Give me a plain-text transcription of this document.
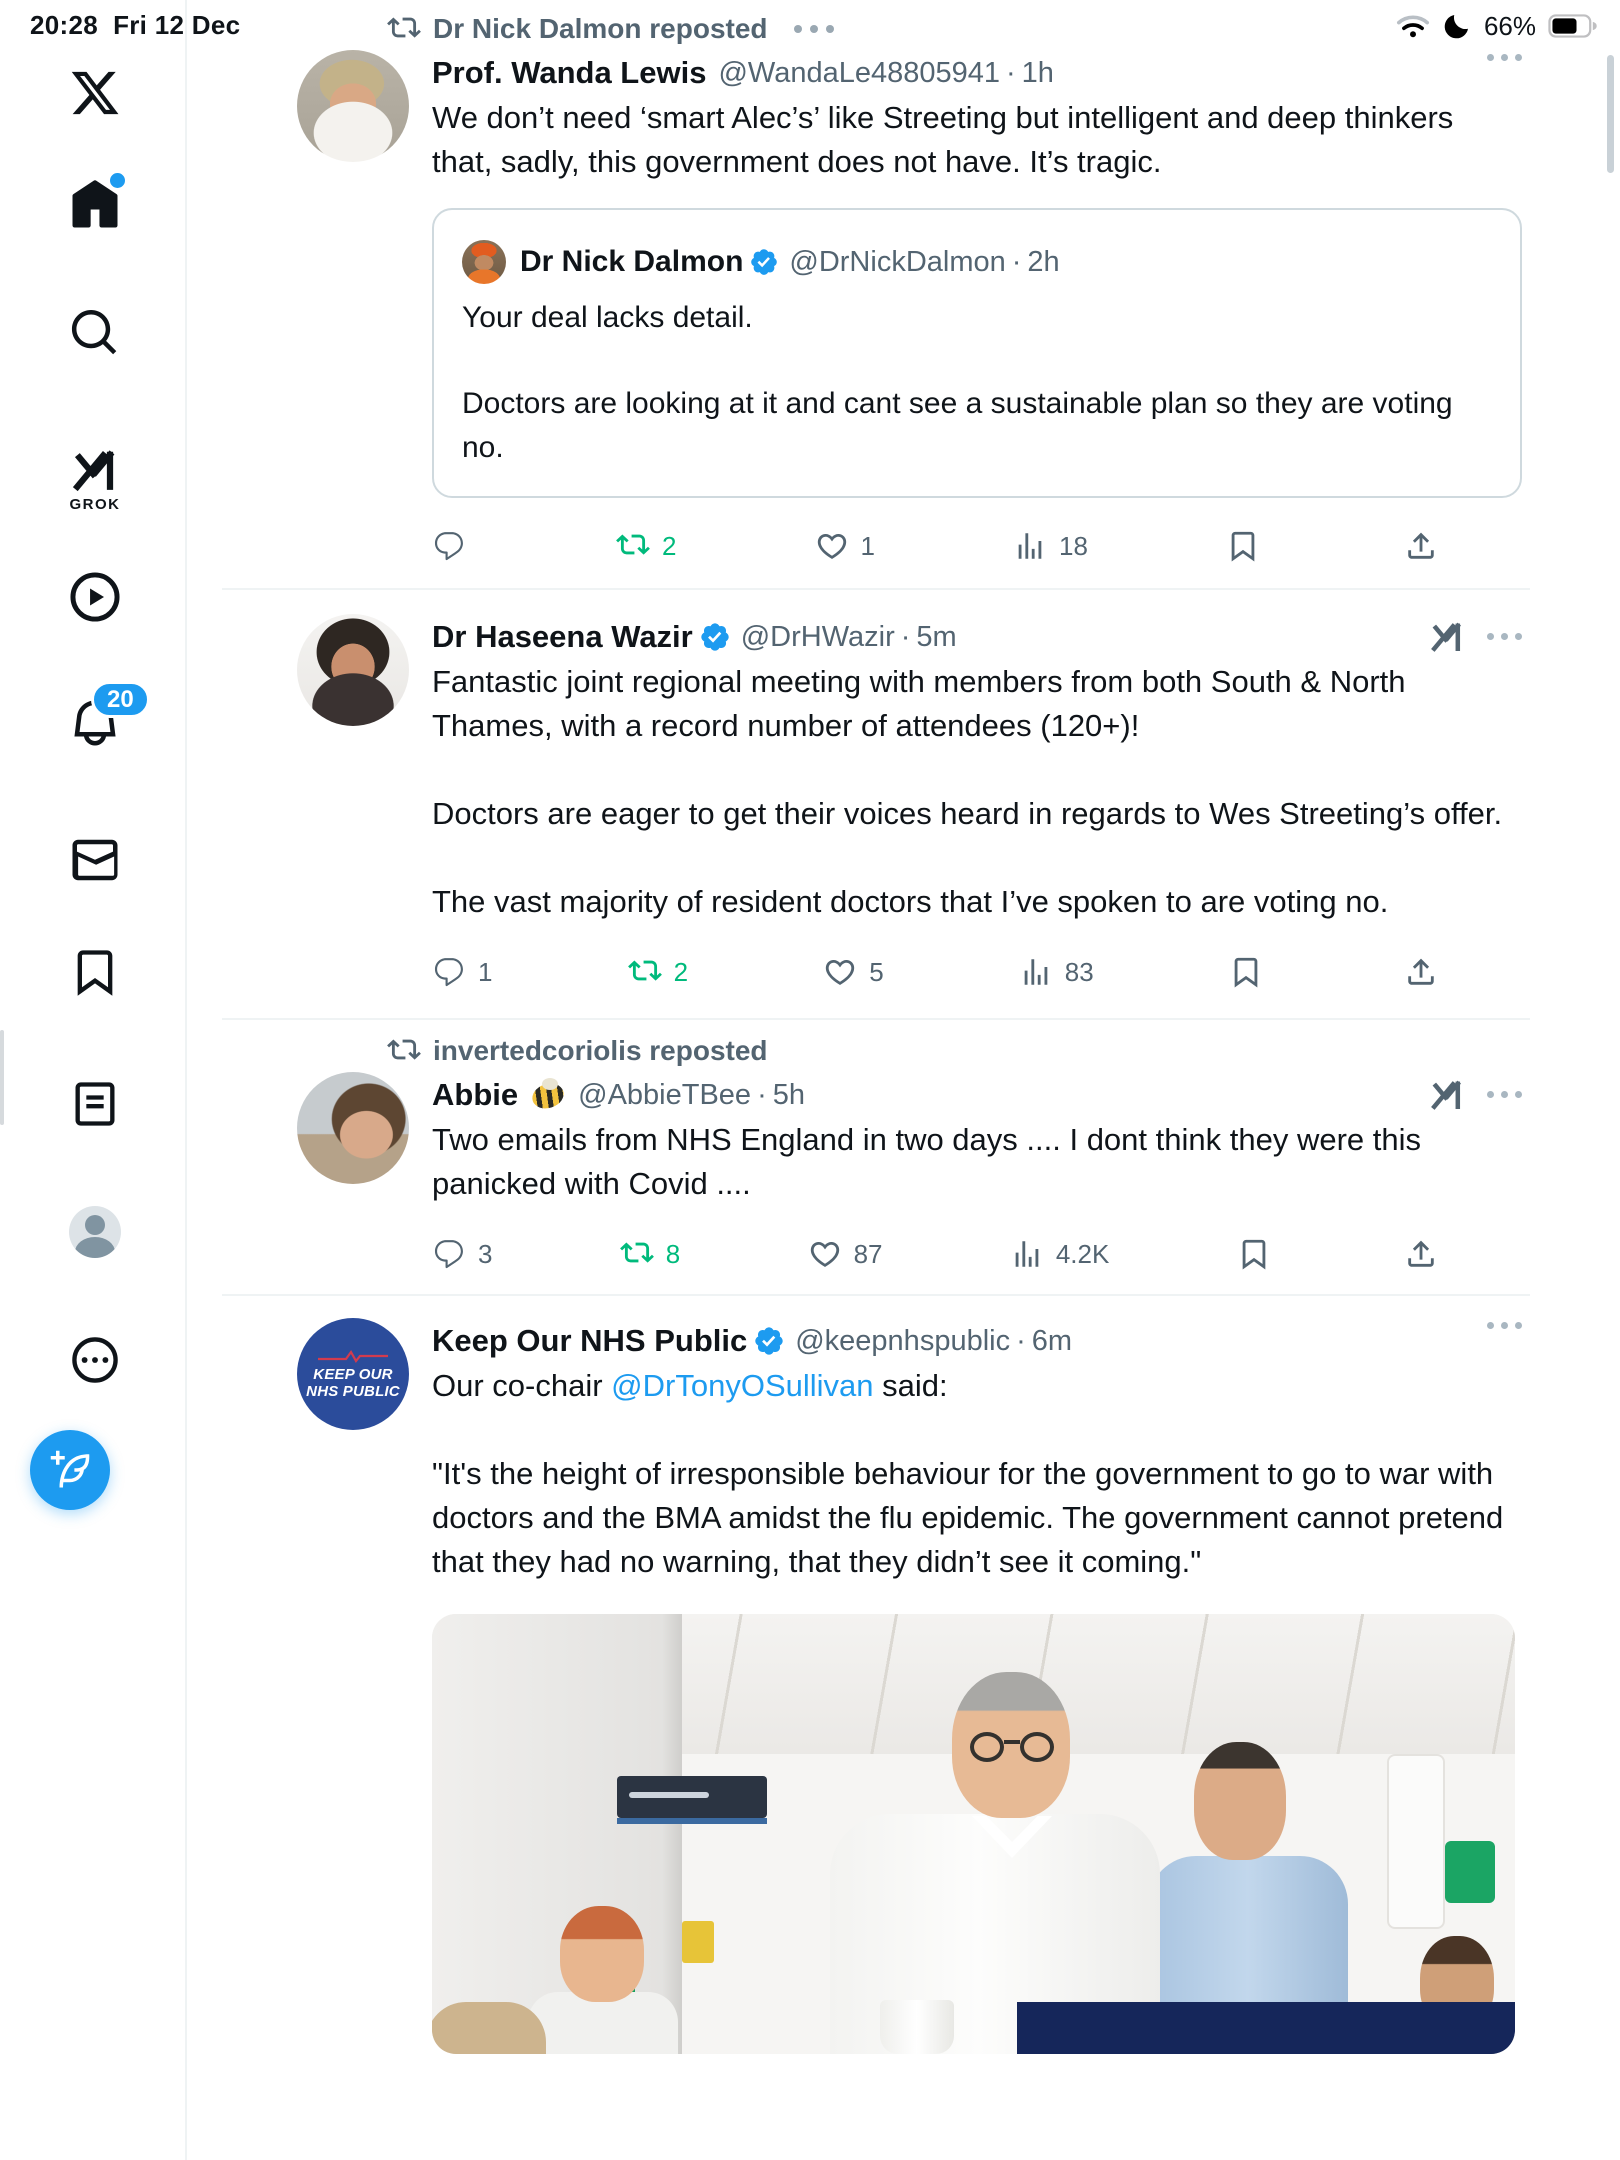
20:28 Fri 12 Dec	66%
GROK
20
Dr Nick Dalmon reposted
Prof. Wanda Lewis @WandaLe48805941 · 1h

We don’t need ‘smart Alec’s’ like Streeting but intelligent and deep thinkers that, sadly, this government does not have. It’s tragic.

Dr Nick Dalmon @DrNickDalmon · 2h

Your deal lacks detail.

Doctors are looking at it and cant see a sustainable plan so they are voting no.

2	1	18
Dr Haseena Wazir @DrHWazir · 5m

Fantastic joint regional meeting with members from both South & North Thames, with a record number of attendees (120+)!

Doctors are eager to get their voices heard in regards to Wes Streeting’s offer.

The vast majority of resident doctors that I’ve spoken to are voting no.

1	2	5	83
invertedcoriolis reposted
Abbie @AbbieTBee · 5h

Two emails from NHS England in two days .... I dont think they were this panicked with Covid ....

3	8	87	4.2K
KEEP OUR
NHS PUBLIC
Keep Our NHS Public @keepnhspublic · 6m

Our co-chair @DrTonyOSullivan said:

"It's the height of irresponsible behaviour for the government to go to war with doctors and the BMA amidst the flu epidemic. The government cannot pretend that they had no warning, that they didn’t see it coming."
